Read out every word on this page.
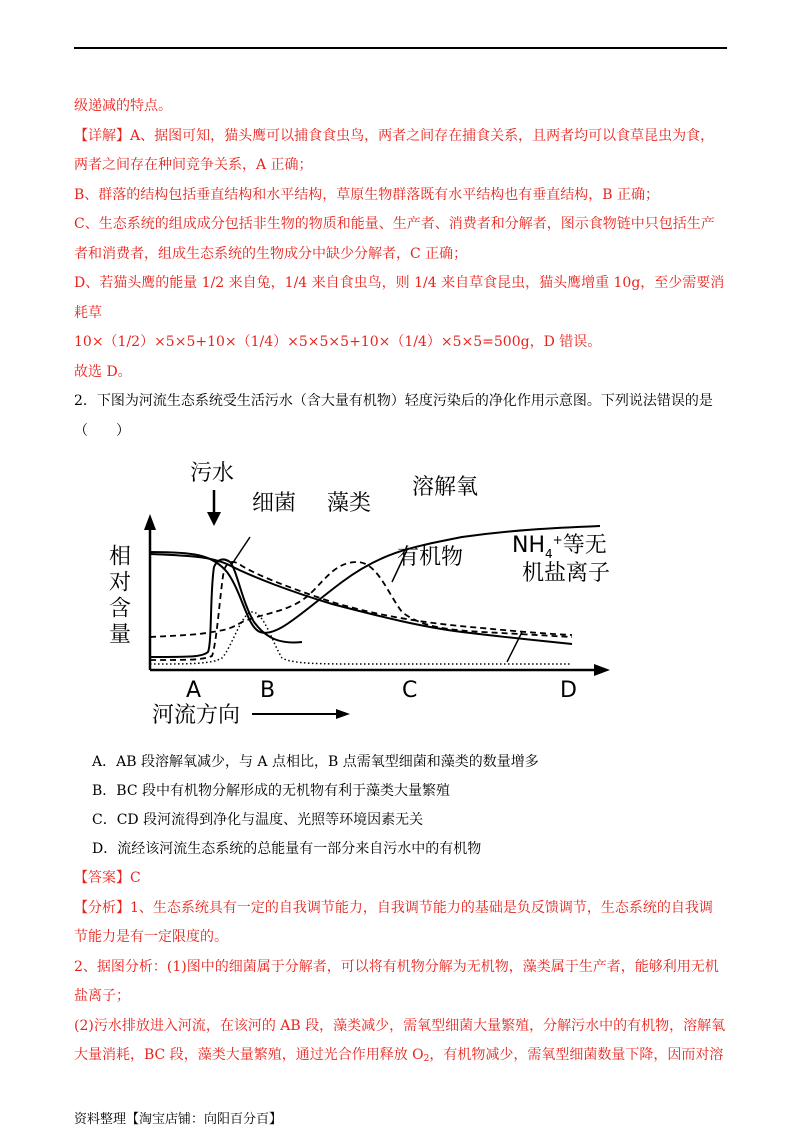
级递减的特点。

【详解】A、据图可知，猫头鹰可以捕食食虫鸟，两者之间存在捕食关系，且两者均可以食草昆虫为食，

两者之间存在种间竞争关系，A 正确；

B、群落的结构包括垂直结构和水平结构，草原生物群落既有水平结构也有垂直结构，B 正确；

C、生态系统的组成成分包括非生物的物质和能量、生产者、消费者和分解者，图示食物链中只包括生产

者和消费者，组成生态系统的生物成分中缺少分解者，C 正确；

D、若猫头鹰的能量 1/2 来自兔，1/4 来自食虫鸟，则 1/4 来自草食昆虫，猫头鹰增重 10g，至少需要消耗草

10×（1/2）×5×5+10×（1/4）×5×5×5+10×（1/4）×5×5=500g，D 错误。

故选 D。

2．下图为河流生态系统受生活污水（含大量有机物）轻度污染后的净化作用示意图。下列说法错误的是

（　　）

相对含量
污水
细菌 藻类
溶解氧
有机物 $NH_4^+$等无
机盐离子
A	B	C	D
河流方向

A．AB 段溶解氧减少，与 A 点相比，B 点需氧型细菌和藻类的数量增多

B．BC 段中有机物分解形成的无机物有利于藻类大量繁殖

C．CD 段河流得到净化与温度、光照等环境因素无关

D．流经该河流生态系统的总能量有一部分来自污水中的有机物

【答案】C

【分析】1、生态系统具有一定的自我调节能力，自我调节能力的基础是负反馈调节，生态系统的自我调

节能力是有一定限度的。

2、据图分析：(1)图中的细菌属于分解者，可以将有机物分解为无机物，藻类属于生产者，能够利用无机

盐离子；

(2)污水排放进入河流，在该河的 AB 段，藻类减少，需氧型细菌大量繁殖，分解污水中的有机物，溶解氧

大量消耗，BC 段，藻类大量繁殖，通过光合作用释放 $O_2$，有机物减少，需氧型细菌数量下降，因而对溶

资料整理【淘宝店铺：向阳百分百】
